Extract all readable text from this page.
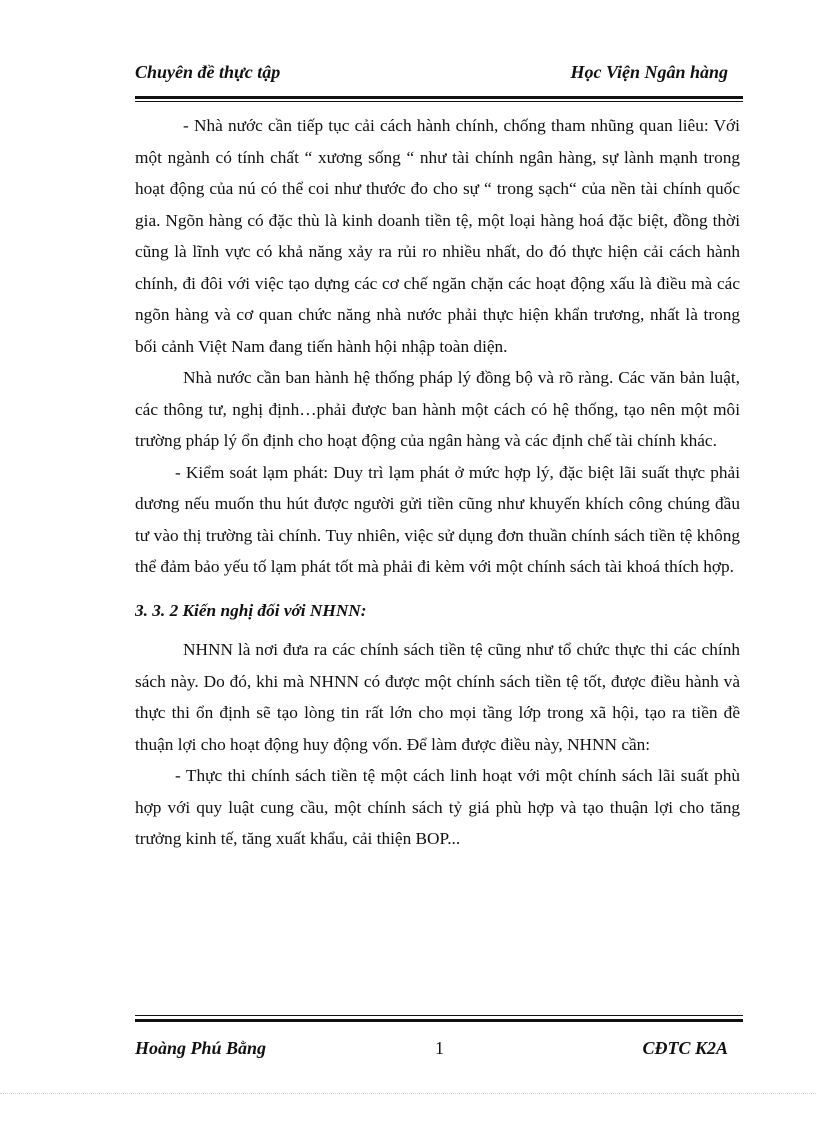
Chuyên đề thực tập	Học Viện Ngân hàng

- Nhà nước cần tiếp tục cải cách hành chính, chống tham nhũng quan liêu: Với một ngành có tính chất “ xương sống “ như tài chính ngân hàng, sự lành mạnh trong hoạt động của nú có thể coi như thước đo cho sự “ trong sạch“ của nền tài chính quốc gia. Ngõn hàng có đặc thù là kinh doanh tiền tệ, một loại hàng hoá đặc biệt, đồng thời cũng là lĩnh vực có khả năng xảy ra rủi ro nhiều nhất, do đó thực hiện cải cách hành chính, đi đôi với việc tạo dựng các cơ chế ngăn chặn các hoạt động xấu là điều mà các ngõn hàng và cơ quan chức năng nhà nước phải thực hiện khẩn trương, nhất là trong bối cảnh Việt Nam đang tiến hành hội nhập toàn diện.

Nhà nước cần ban hành hệ thống pháp lý đồng bộ và rõ ràng. Các văn bản luật, các thông tư, nghị định…phải được ban hành một cách có hệ thống, tạo nên một môi trường pháp lý ổn định cho hoạt động của ngân hàng và các định chế tài chính khác.

- Kiểm soát lạm phát: Duy trì lạm phát ở mức hợp lý, đặc biệt lãi suất thực phải dương nếu muốn thu hút được người gửi tiền cũng như khuyến khích công chúng đầu tư vào thị trường tài chính. Tuy nhiên, việc sử dụng đơn thuần chính sách tiền tệ không thể đảm bảo yếu tố lạm phát tốt mà phải đi kèm với một chính sách tài khoá thích hợp.

3. 3. 2 Kiến nghị đối với NHNN:

NHNN là nơi đưa ra các chính sách tiền tệ cũng như tổ chức thực thi các chính sách này. Do đó, khi mà NHNN có được một chính sách tiền tệ tốt, được điều hành và thực thi ổn định sẽ tạo lòng tin rất lớn cho mọi tầng lớp trong xã hội, tạo ra tiền đề thuận lợi cho hoạt động huy động vốn. Để làm được điều này, NHNN cần:

- Thực thi chính sách tiền tệ một cách linh hoạt với một chính sách lãi suất phù hợp với quy luật cung cầu, một chính sách tỷ giá phù hợp và tạo thuận lợi cho tăng trưởng kinh tế, tăng xuất khẩu, cải thiện BOP...

Hoàng Phú Bằng	1	CĐTC K2A
